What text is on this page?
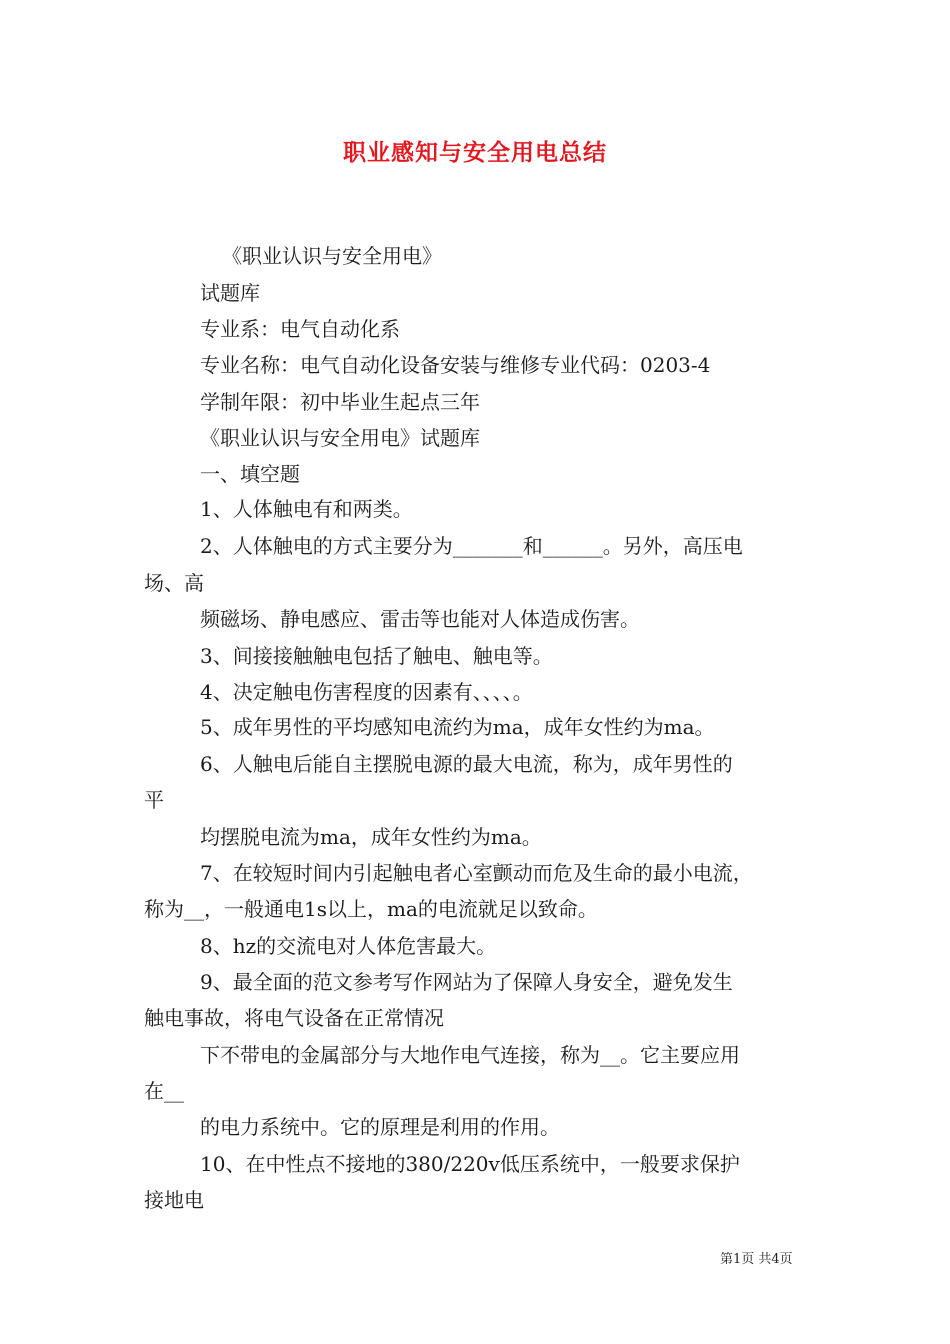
职业感知与安全用电总结
《职业认识与安全用电》
试题库
专业系：电气自动化系
专业名称：电气自动化设备安装与维修专业代码：0203-4
学制年限：初中毕业生起点三年
《职业认识与安全用电》试题库
一、填空题
1、人体触电有和两类。
2、人体触电的方式主要分为_______和______。另外，高压电
场、高
频磁场、静电感应、雷击等也能对人体造成伤害。
3、间接接触触电包括了触电、触电等。
4、决定触电伤害程度的因素有、、、、。
5、成年男性的平均感知电流约为ma，成年女性约为ma。
6、人触电后能自主摆脱电源的最大电流，称为，成年男性的
平
均摆脱电流为ma，成年女性约为ma。
7、在较短时间内引起触电者心室颤动而危及生命的最小电流，
称为__，一般通电1s以上，ma的电流就足以致命。
8、hz的交流电对人体危害最大。
9、最全面的范文参考写作网站为了保障人身安全，避免发生
触电事故，将电气设备在正常情况
下不带电的金属部分与大地作电气连接，称为__。它主要应用
在__
的电力系统中。它的原理是利用的作用。
10、在中性点不接地的380/220v低压系统中，一般要求保护
接地电
第1页 共4页
